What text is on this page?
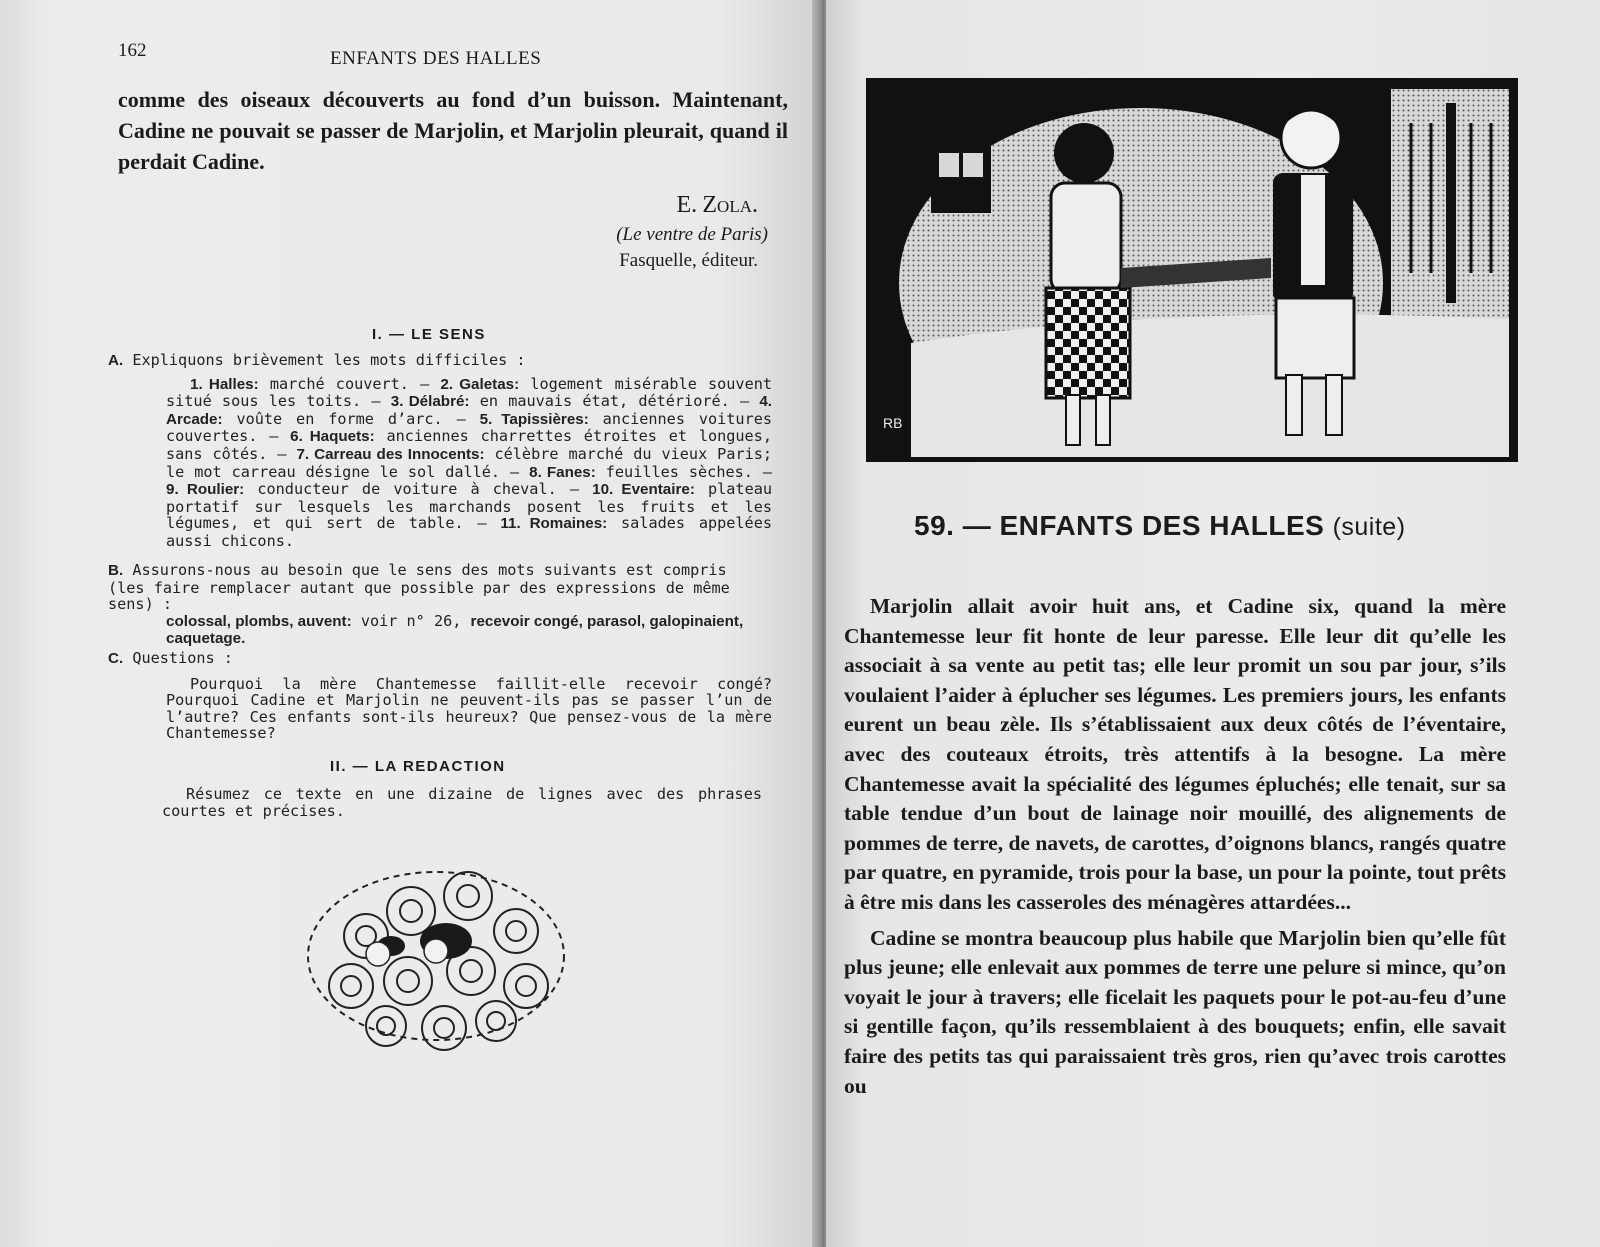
162	ENFANTS DES HALLES
comme des oiseaux découverts au fond d’un buisson. Maintenant, Cadine ne pouvait se passer de Marjolin, et Marjolin pleurait, quand il perdait Cadine.
E. Zola.
(Le ventre de Paris)
Fasquelle, éditeur.
I. — LE SENS
A. Expliquons brièvement les mots difficiles :
1. Halles: marché couvert. — 2. Galetas: logement misérable souvent situé sous les toits. — 3. Délabré: en mauvais état, détérioré. — 4. Arcade: voûte en forme d’arc. — 5. Tapissières: anciennes voitures couvertes. — 6. Haquets: anciennes charrettes étroites et longues, sans côtés. — 7. Carreau des Innocents: célèbre marché du vieux Paris; le mot carreau désigne le sol dallé. — 8. Fanes: feuilles sèches. — 9. Roulier: conducteur de voiture à cheval. — 10. Eventaire: plateau portatif sur lesquels les marchands posent les fruits et les légumes, et qui sert de table. — 11. Romaines: salades appelées aussi chicons.
B. Assurons-nous au besoin que le sens des mots suivants est compris (les faire remplacer autant que possible par des expressions de même sens) :
colossal, plombs, auvent: voir n° 26, recevoir congé, parasol, galopinaient, caquetage.
C. Questions :
Pourquoi la mère Chantemesse faillit-elle recevoir congé? Pourquoi Cadine et Marjolin ne peuvent-ils pas se passer l’un de l’autre? Ces enfants sont-ils heureux? Que pensez-vous de la mère Chantemesse?
II. — LA REDACTION
Résumez ce texte en une dizaine de lignes avec des phrases courtes et précises.
RB
59. — ENFANTS DES HALLES (suite)

Marjolin allait avoir huit ans, et Cadine six, quand la mère Chantemesse leur fit honte de leur paresse. Elle leur dit qu’elle les associait à sa vente au petit tas; elle leur promit un sou par jour, s’ils voulaient l’aider à éplucher ses légumes. Les premiers jours, les enfants eurent un beau zèle. Ils s’établissaient aux deux côtés de l’éventaire, avec des couteaux étroits, très attentifs à la besogne. La mère Chantemesse avait la spécialité des légumes épluchés; elle tenait, sur sa table tendue d’un bout de lainage noir mouillé, des alignements de pommes de terre, de navets, de carottes, d’oignons blancs, rangés quatre par quatre, en pyramide, trois pour la base, un pour la pointe, tout prêts à être mis dans les casseroles des ménagères attardées...

Cadine se montra beaucoup plus habile que Marjolin bien qu’elle fût plus jeune; elle enlevait aux pommes de terre une pelure si mince, qu’on voyait le jour à travers; elle ficelait les paquets pour le pot-au-feu d’une si gentille façon, qu’ils ressemblaient à des bouquets; enfin, elle savait faire des petits tas qui paraissaient très gros, rien qu’avec trois carottes ou
